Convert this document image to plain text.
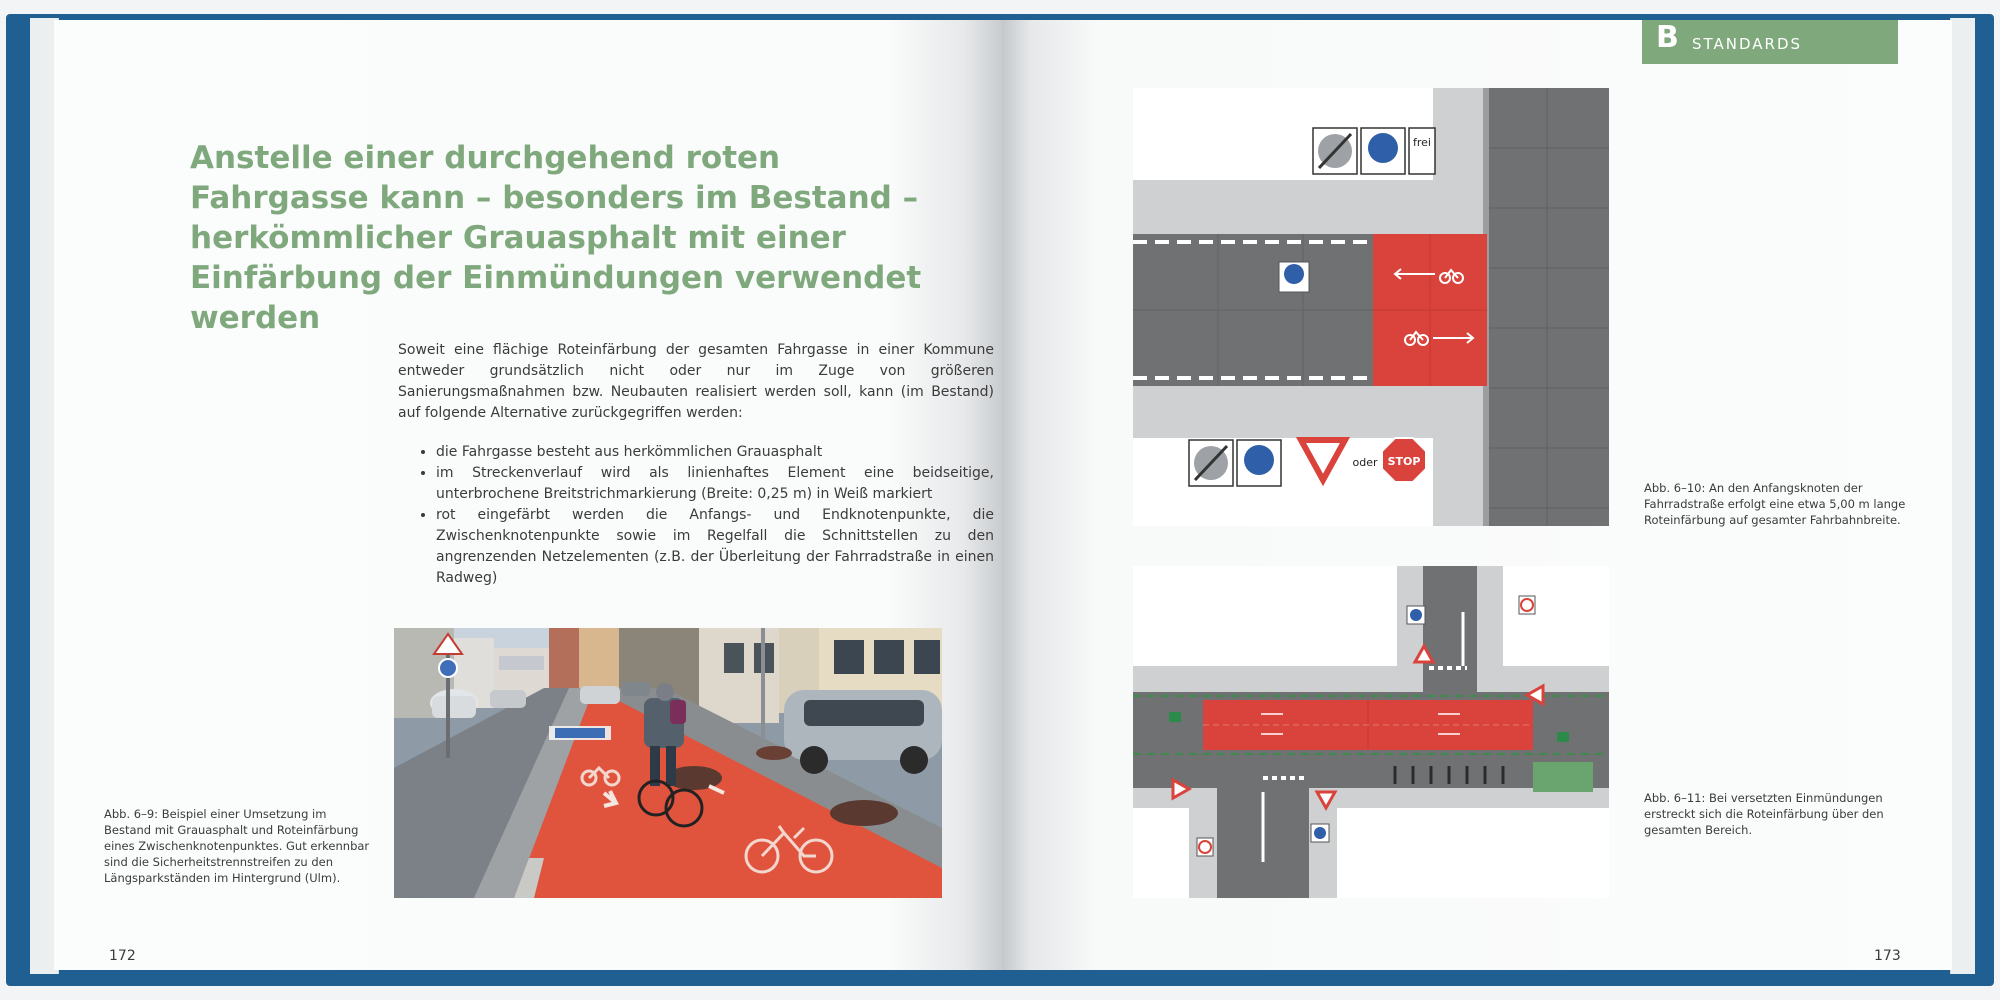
Anstelle einer durchgehend roten Fahrgasse kann – besonders im Bestand – herkömmlicher Grauasphalt mit einer Einfärbung der Einmündungen verwendet werden

Soweit eine flächige Roteinfärbung der gesamten Fahrgasse in einer Kommune entweder grundsätzlich nicht oder nur im Zuge von größeren Sanierungsmaßnahmen bzw. Neubauten realisiert werden soll, kann (im Bestand) auf folgende Alternative zurückgegriffen werden:

• die Fahrgasse besteht aus herkömmlichen Grauasphalt
• im Streckenverlauf wird als linienhaftes Element eine beidseitige, unterbrochene Breitstrichmarkierung (Breite: 0,25 m) in Weiß markiert
• rot eingefärbt werden die Anfangs- und Endknotenpunkte, die Zwischenknotenpunkte sowie im Regelfall die Schnittstellen zu den angrenzenden Netzelementen (z.B. der Überleitung der Fahrradstraße in einen Radweg)
Abb. 6–9: Beispiel einer Umsetzung im Bestand mit Grauasphalt und Roteinfärbung eines Zwischenknotenpunktes. Gut erkennbar sind die Sicherheitstrennstreifen zu den Längsparkständen im Hintergrund (Ulm).
172
B STANDARDS
frei
oder STOP
Abb. 6–10: An den Anfangsknoten der Fahrradstraße erfolgt eine etwa 5,00 m lange Roteinfärbung auf gesamter Fahrbahnbreite.
Abb. 6–11: Bei versetzten Einmündungen erstreckt sich die Roteinfärbung über den gesamten Bereich.
173
